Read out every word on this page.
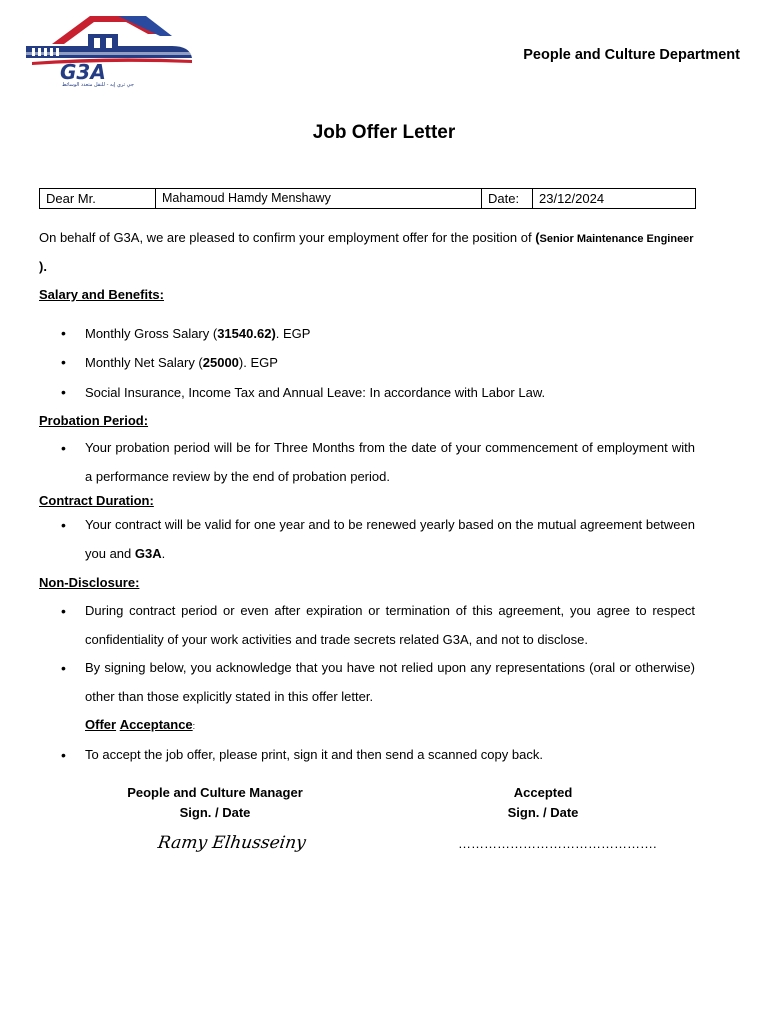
G3A
جي ثري إيه - للنقل متعدد الوسائط
People and Culture Department
Job Offer Letter
Dear Mr.	Mahamoud Hamdy Menshawy	Date:	23/12/2024
On behalf of G3A, we are pleased to confirm your employment offer for the position of (Senior Maintenance Engineer ).
Salary and Benefits:
• Monthly Gross Salary (31540.62). EGP
• Monthly Net Salary (25000). EGP
• Social Insurance, Income Tax and Annual Leave: In accordance with Labor Law.
Probation Period:
• Your probation period will be for Three Months from the date of your commencement of employment with a performance review by the end of probation period.
Contract Duration:
• Your contract will be valid for one year and to be renewed yearly based on the mutual agreement between you and G3A.
Non-Disclosure:
• During contract period or even after expiration or termination of this agreement, you agree to respect confidentiality of your work activities and trade secrets related G3A, and not to disclose.
• By signing below, you acknowledge that you have not relied upon any representations (oral or otherwise) other than those explicitly stated in this offer letter.
Offer Acceptance:
• To accept the job offer, please print, sign it and then send a scanned copy back.
People and Culture Manager
Sign. / Date
Ramy Elhusseiny
Accepted
Sign. / Date
……………………………………….
